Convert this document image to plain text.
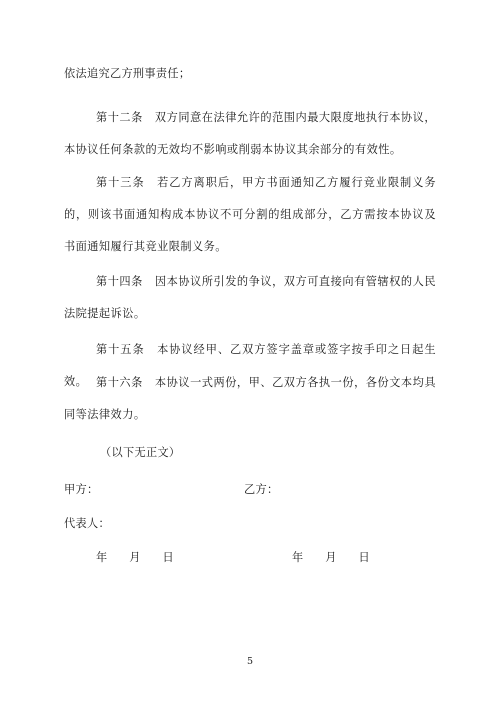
依法追究乙方刑事责任；
第十二条 双方同意在法律允许的范围内最大限度地执行本协议，本协议任何条款的无效均不影响或削弱本协议其余部分的有效性。
第十三条 若乙方离职后，甲方书面通知乙方履行竞业限制义务的，则该书面通知构成本协议不可分割的组成部分，乙方需按本协议及书面通知履行其竞业限制义务。
第十四条 因本协议所引发的争议，双方可直接向有管辖权的人民法院提起诉讼。
第十五条 本协议经甲、乙双方签字盖章或签字按手印之日起生效。 第十六条 本协议一式两份，甲、乙双方各执一份，各份文本均具同等法律效力。
（以下无正文）
甲方：	乙方：
代表人：
年 月 日	年 月 日
5
